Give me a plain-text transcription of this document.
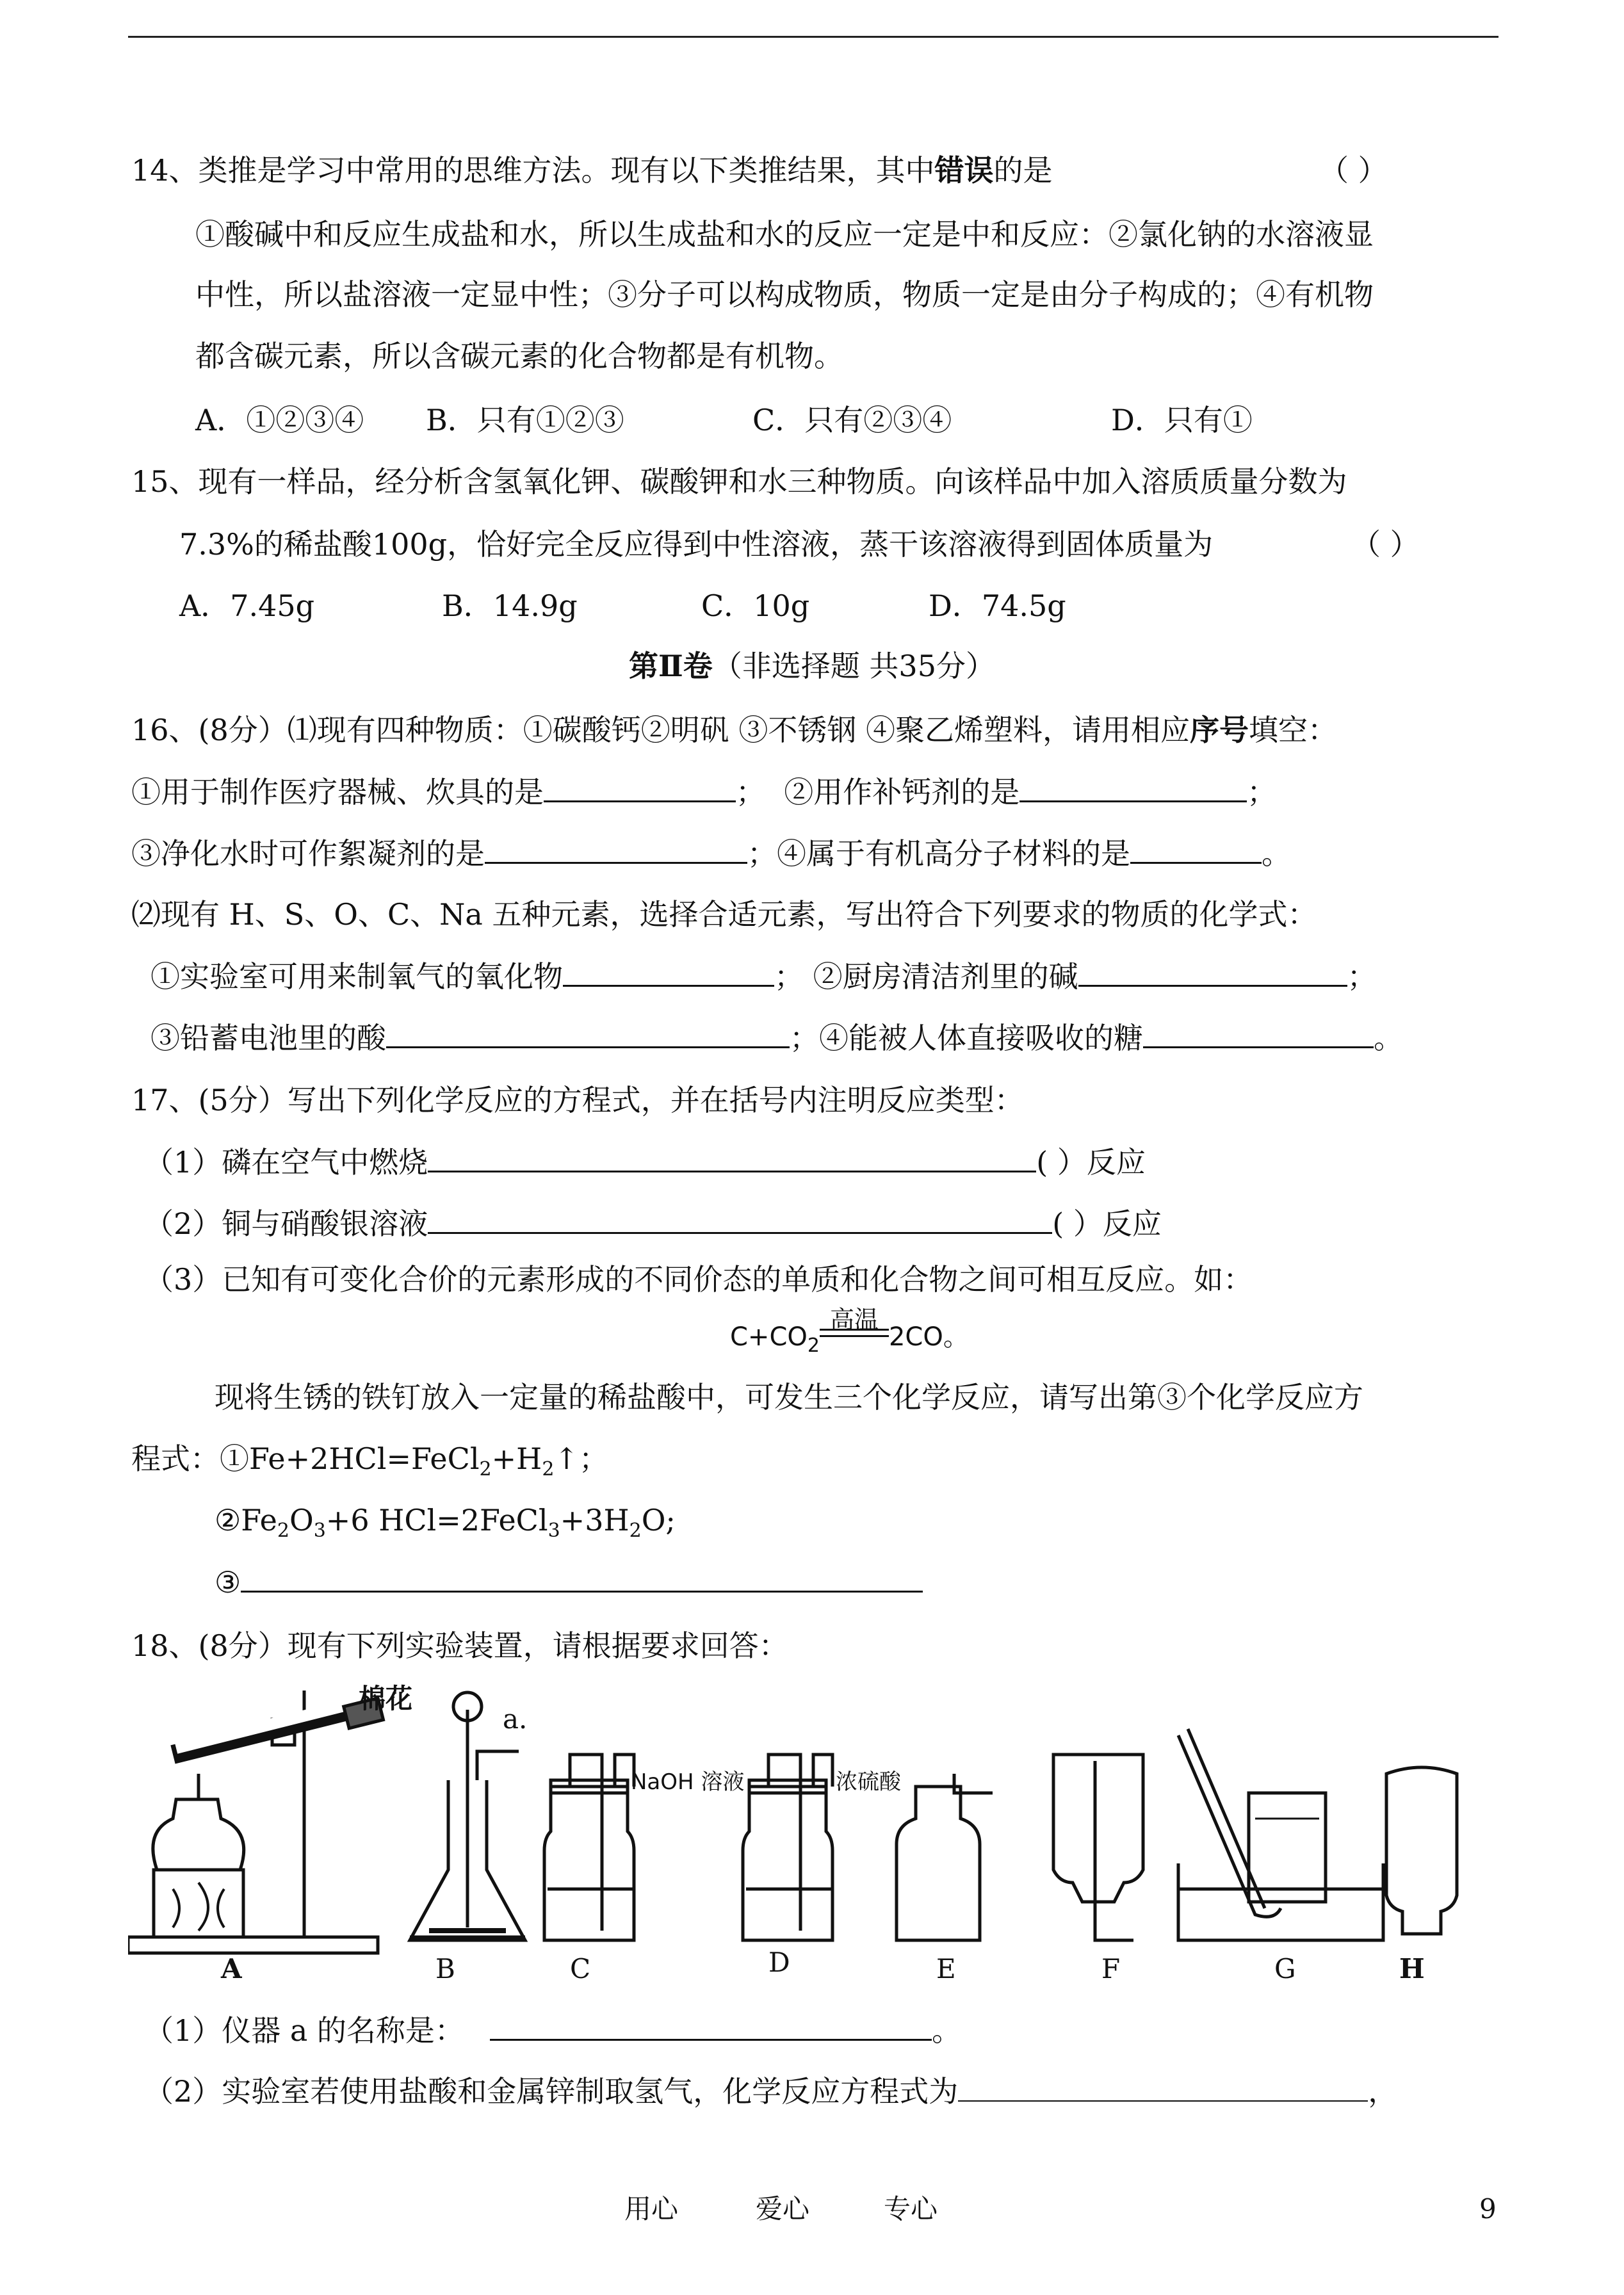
14、类推是学习中常用的思维方法。现有以下类推结果，其中错误的是	（ ）
①酸碱中和反应生成盐和水，所以生成盐和水的反应一定是中和反应：②氯化钠的水溶液显
中性，所以盐溶液一定显中性；③分子可以构成物质，物质一定是由分子构成的；④有机物
都含碳元素，所以含碳元素的化合物都是有机物。
A．①②③④ B．只有①②③	C．只有②③④	D．只有①
15、现有一样品，经分析含氢氧化钾、碳酸钾和水三种物质。向该样品中加入溶质质量分数为
7.3%的稀盐酸100g，恰好完全反应得到中性溶液，蒸干该溶液得到固体质量为	（ ）
A．7.45g	B．14.9g	C．10g	D．74.5g
第Ⅱ卷（非选择题 共35分）
16、(8分）⑴现有四种物质：①碳酸钙②明矾 ③不锈钢 ④聚乙烯塑料，请用相应序号填空：
①用于制作医疗器械、炊具的是	； ②用作补钙剂的是	；
③净化水时可作絮凝剂的是	；④属于有机高分子材料的是	。
⑵现有 H、S、O、C、Na 五种元素，选择合适元素，写出符合下列要求的物质的化学式：
①实验室可用来制氧气的氧化物	； ②厨房清洁剂里的碱	；
③铅蓄电池里的酸	；④能被人体直接吸收的糖	。
17、(5分）写出下列化学反应的方程式，并在括号内注明反应类型：
（1）磷在空气中燃烧	( ）反应
（2）铜与硝酸银溶液	( ）反应
（3）已知有可变化合价的元素形成的不同价态的单质和化合物之间可相互反应。如：
$C+CO_2$
高温
2CO。
现将生锈的铁钉放入一定量的稀盐酸中，可发生三个化学反应，请写出第③个化学反应方
程式：$①Fe+2HCl=FeCl_2+H_2↑$；
$②Fe_2O_3+6$ $HCl=2FeCl_3+3H_2O$;
③
18、(8分）现有下列实验装置，请根据要求回答：
棉花
a.
NaOH 溶液	浓硫酸
A	B	C	D	E	F	G	H
（1）仪器 a 的名称是：	。
（2）实验室若使用盐酸和金属锌制取氢气，化学反应方程式为	，
用心	爱心	专心	9
